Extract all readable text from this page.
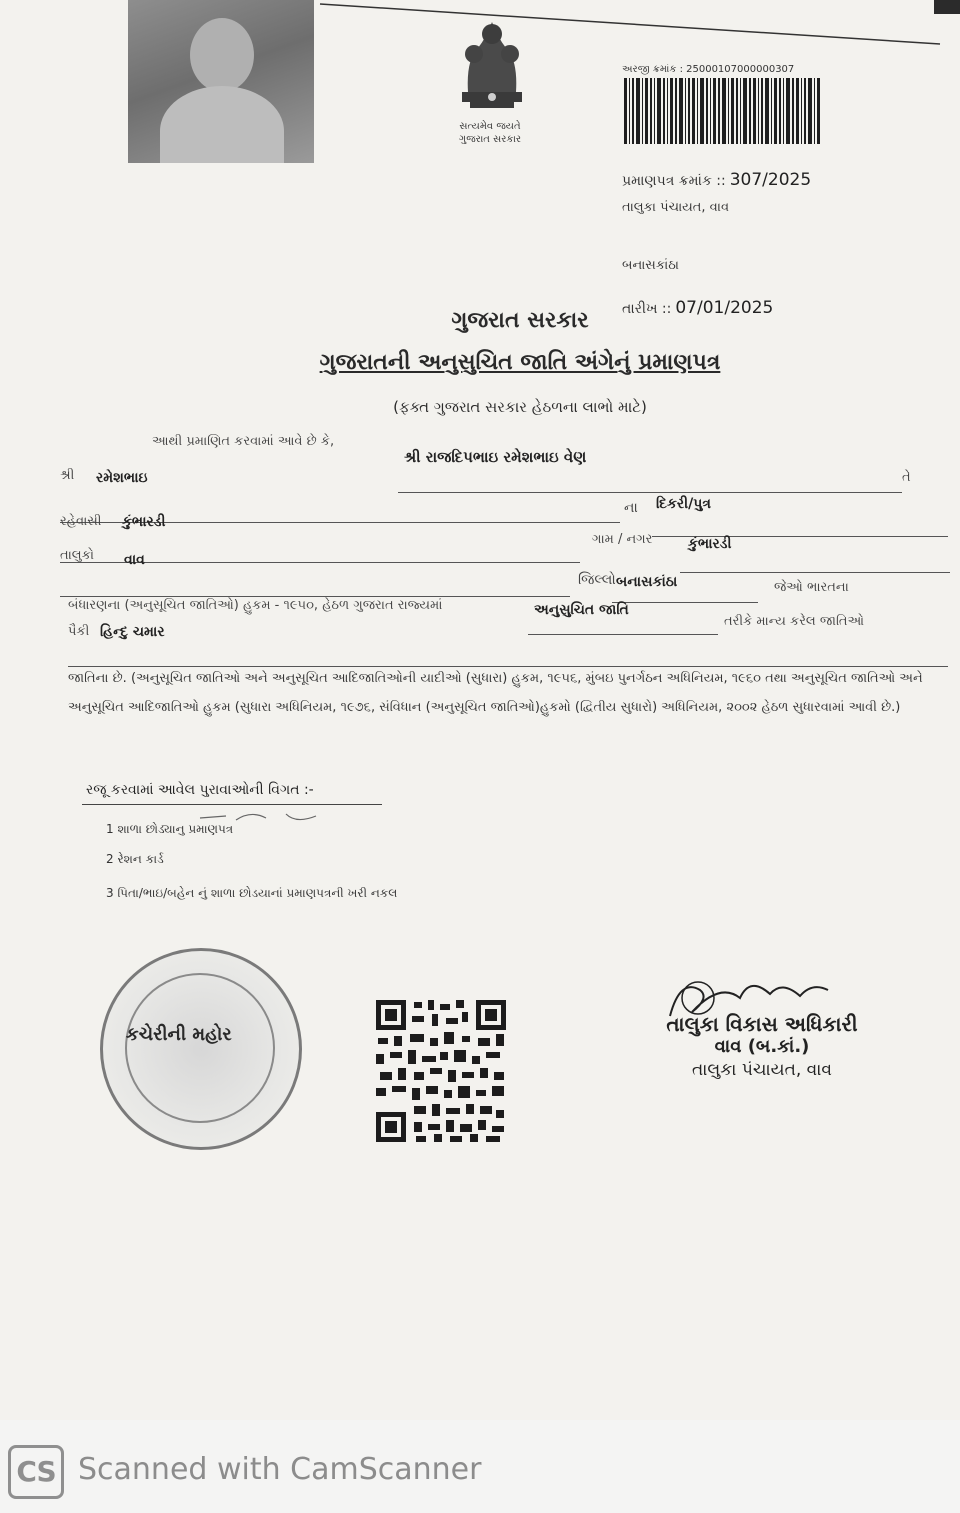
સત્યમેવ જયતે
ગુજરાત સરકાર
અરજી ક્રમાંક : 25000107000000307
પ્રમાણપત્ર ક્રમાંક :: 307/2025
તાલુકા પંચાયત, વાવ
બનાસકાંઠા
તારીખ :: 07/01/2025
ગુજરાત સરકાર
ગુજરાતની અનુસુચિત જાતિ અંગેનું પ્રમાણપત્ર
(ફક્ત ગુજરાત સરકાર હેઠળના લાભો માટે)
આથી પ્રમાણિત કરવામાં આવે છે કે,
શ્રી રાજદિપભાઇ રમેશભાઇ વેણ
તે
શ્રી રમેશભાઇ
ના દિકરી/પુત્ર
રહેવાસી કુંભારડી
ગામ / નગર	કુંભારડી
તાલુકો વાવ
જિલ્લો બનાસકાંઠા	જેઓ ભારતના
બંધારણના (અનુસૂચિત જાતિઓ) હુકમ - ૧૯૫૦, હેઠળ ગુજરાત રાજ્યમાં	અનુસુચિત જાતિ
તરીકે માન્ય કરેલ જાતિઓ
પૈકી હિન્દુ ચમાર
જાતિના છે. (અનુસૂચિત જાતિઓ અને અનુસૂચિત આદિજાતિઓની યાદીઓ (સુધારા) હુકમ, ૧૯૫૬, મુંબઇ પુનર્ગઠન અધિનિયમ, ૧૯૬૦ તથા અનુસૂચિત જાતિઓ અને અનુસૂચિત આદિજાતિઓ હુકમ (સુધારા અધિનિયમ, ૧૯૭૬, સંવિધાન (અનુસૂચિત જાતિઓ)હુકમો (દ્વિતીય સુધારો) અધિનિયમ, ૨૦૦૨ હેઠળ સુધારવામાં આવી છે.)
રજૂ કરવામાં આવેલ પુરાવાઓની વિગત :-
1 શાળા છોડ્યાનુ પ્રમાણપત્ર
2 રેશન કાર્ડ
3 પિતા/ભાઇ/બહેન નું શાળા છોડયાનાં પ્રમાણપત્રની ખરી નકલ
કચેરીની મહોર	તાલુકા વિકાસ અધિકારી
વાવ (બ.કાં.)
તાલુકા પંચાયત, વાવ
CS Scanned with CamScanner
